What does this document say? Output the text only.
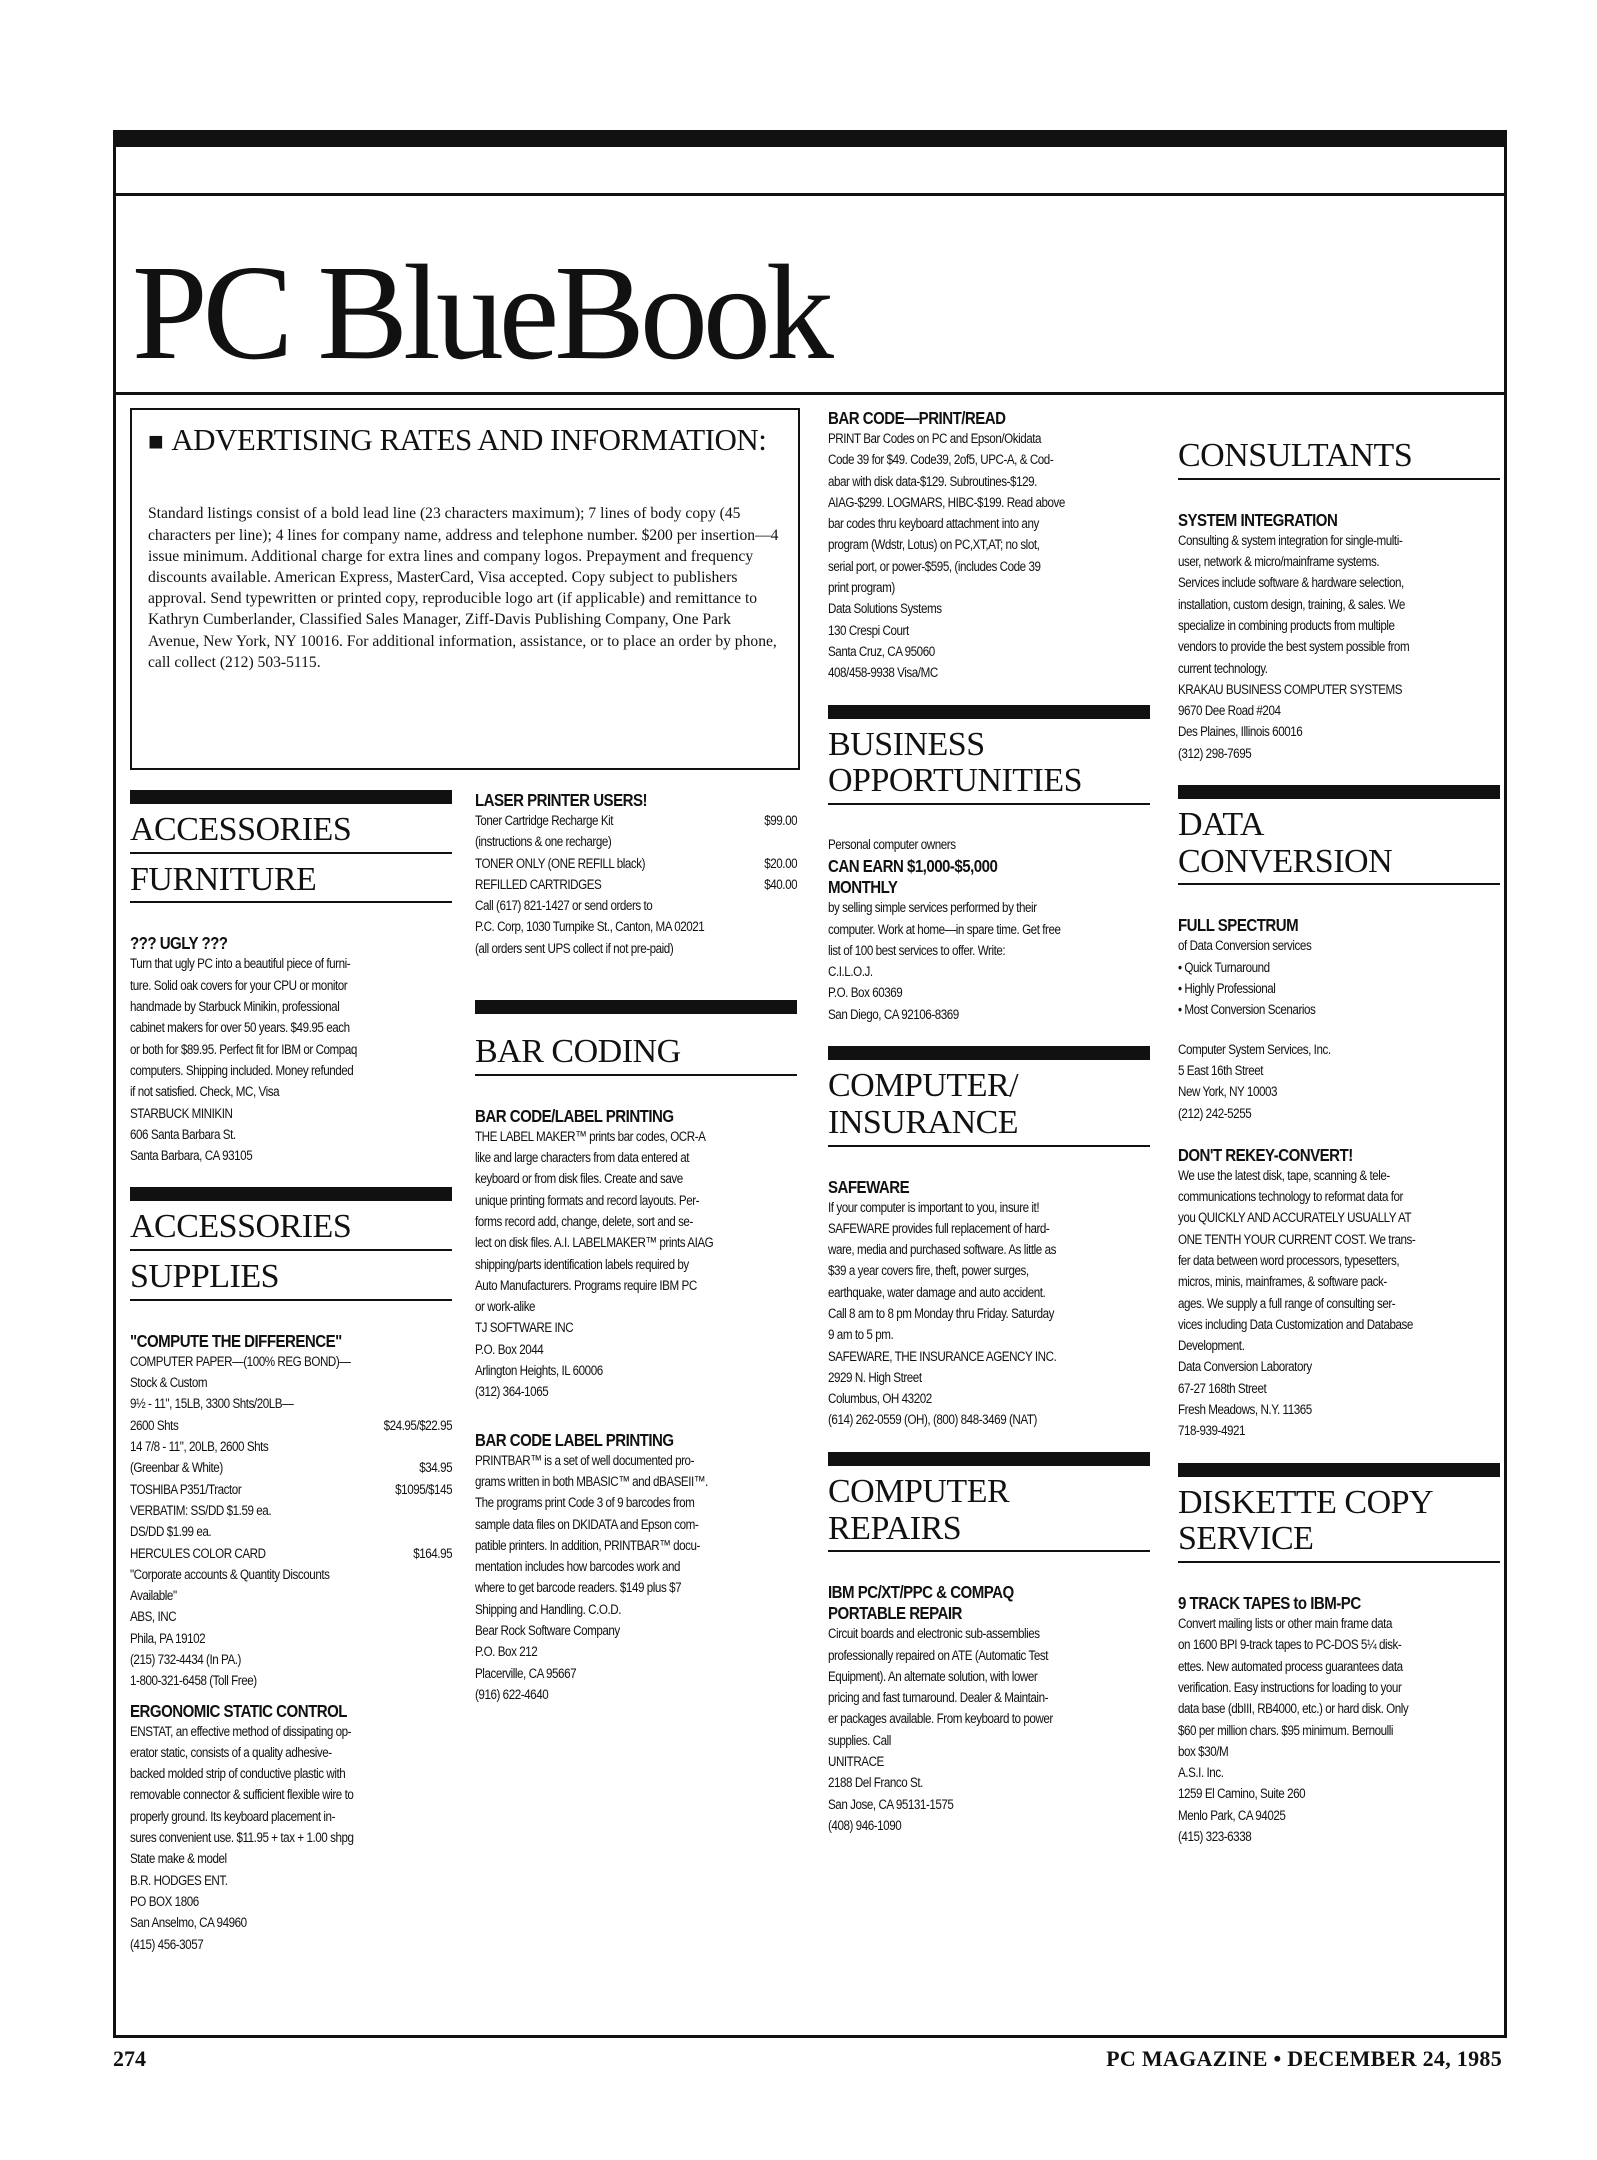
PC BlueBook
■ ADVERTISING RATES AND INFORMATION:

Standard listings consist of a bold lead line (23 characters maximum); 7 lines of body copy (45 characters per line); 4 lines for company name, address and telephone number. $200 per insertion—4 issue minimum. Additional charge for extra lines and company logos. Prepayment and frequency discounts available. American Express, MasterCard, Visa accepted. Copy subject to publishers approval. Send typewritten or printed copy, reproducible logo art (if applicable) and remittance to Kathryn Cumberlander, Classified Sales Manager, Ziff-Davis Publishing Company, One Park Avenue, New York, NY 10016. For additional information, assistance, or to place an order by phone, call collect (212) 503-5115.

ACCESSORIES
FURNITURE

??? UGLY ???

Turn that ugly PC into a beautiful piece of furni-
ture. Solid oak covers for your CPU or monitor
handmade by Starbuck Minikin, professional
cabinet makers for over 50 years. $49.95 each
or both for $89.95. Perfect fit for IBM or Compaq
computers. Shipping included. Money refunded
if not satisfied. Check, MC, Visa
STARBUCK MINIKIN
606 Santa Barbara St.
Santa Barbara, CA 93105
ACCESSORIES
SUPPLIES

"COMPUTE THE DIFFERENCE"

COMPUTER PAPER—(100% REG BOND)—
Stock & Custom
9½ - 11", 15LB, 3300 Shts/20LB—
2600 Shts	$24.95/$22.95
14 7/8 - 11", 20LB, 2600 Shts
(Greenbar & White)	$34.95
TOSHIBA P351/Tractor	$1095/$145
VERBATIM: SS/DD $1.59 ea.
DS/DD $1.99 ea.
HERCULES COLOR CARD	$164.95
"Corporate accounts & Quantity Discounts
Available"
ABS, INC
Phila, PA 19102
(215) 732-4434 (In PA.)
1-800-321-6458 (Toll Free)

ERGONOMIC STATIC CONTROL

ENSTAT, an effective method of dissipating op-
erator static, consists of a quality adhesive-
backed molded strip of conductive plastic with
removable connector & sufficient flexible wire to
properly ground. Its keyboard placement in-
sures convenient use. $11.95 + tax + 1.00 shpg
State make & model
B.R. HODGES ENT.
PO BOX 1806
San Anselmo, CA 94960
(415) 456-3057

LASER PRINTER USERS!

Toner Cartridge Recharge Kit	$99.00
(instructions & one recharge)
TONER ONLY (ONE REFILL black)	$20.00
REFILLED CARTRIDGES	$40.00
Call (617) 821-1427 or send orders to
P.C. Corp, 1030 Turnpike St., Canton, MA 02021
(all orders sent UPS collect if not pre-paid)
BAR CODING

BAR CODE/LABEL PRINTING

THE LABEL MAKER™ prints bar codes, OCR-A
like and large characters from data entered at
keyboard or from disk files. Create and save
unique printing formats and record layouts. Per-
forms record add, change, delete, sort and se-
lect on disk files. A.I. LABELMAKER™ prints AIAG
shipping/parts identification labels required by
Auto Manufacturers. Programs require IBM PC
or work-alike
TJ SOFTWARE INC
P.O. Box 2044
Arlington Heights, IL 60006
(312) 364-1065

BAR CODE LABEL PRINTING

PRINTBAR™ is a set of well documented pro-
grams written in both MBASIC™ and dBASEII™.
The programs print Code 3 of 9 barcodes from
sample data files on DKIDATA and Epson com-
patible printers. In addition, PRINTBAR™ docu-
mentation includes how barcodes work and
where to get barcode readers. $149 plus $7
Shipping and Handling. C.O.D.
Bear Rock Software Company
P.O. Box 212
Placerville, CA 95667
(916) 622-4640

BAR CODE—PRINT/READ

PRINT Bar Codes on PC and Epson/Okidata
Code 39 for $49. Code39, 2of5, UPC-A, & Cod-
abar with disk data-$129. Subroutines-$129.
AIAG-$299. LOGMARS, HIBC-$199. Read above
bar codes thru keyboard attachment into any
program (Wdstr, Lotus) on PC,XT,AT; no slot,
serial port, or power-$595, (includes Code 39
print program)
Data Solutions Systems
130 Crespi Court
Santa Cruz, CA 95060
408/458-9938 Visa/MC
BUSINESS
OPPORTUNITIES
Personal computer owners

CAN EARN $1,000-$5,000

MONTHLY

by selling simple services performed by their
computer. Work at home—in spare time. Get free
list of 100 best services to offer. Write:
C.I.L.O.J.
P.O. Box 60369
San Diego, CA 92106-8369
COMPUTER/
INSURANCE

SAFEWARE

If your computer is important to you, insure it!
SAFEWARE provides full replacement of hard-
ware, media and purchased software. As little as
$39 a year covers fire, theft, power surges,
earthquake, water damage and auto accident.
Call 8 am to 8 pm Monday thru Friday. Saturday
9 am to 5 pm.
SAFEWARE, THE INSURANCE AGENCY INC.
2929 N. High Street
Columbus, OH 43202
(614) 262-0559 (OH), (800) 848-3469 (NAT)
COMPUTER
REPAIRS

IBM PC/XT/PPC & COMPAQ

PORTABLE REPAIR

Circuit boards and electronic sub-assemblies
professionally repaired on ATE (Automatic Test
Equipment). An alternate solution, with lower
pricing and fast turnaround. Dealer & Maintain-
er packages available. From keyboard to power
supplies. Call
UNITRACE
2188 Del Franco St.
San Jose, CA 95131-1575
(408) 946-1090
CONSULTANTS

SYSTEM INTEGRATION

Consulting & system integration for single-multi-
user, network & micro/mainframe systems.
Services include software & hardware selection,
installation, custom design, training, & sales. We
specialize in combining products from multiple
vendors to provide the best system possible from
current technology.
KRAKAU BUSINESS COMPUTER SYSTEMS
9670 Dee Road #204
Des Plaines, Illinois 60016
(312) 298-7695
DATA
CONVERSION

FULL SPECTRUM

of Data Conversion services
• Quick Turnaround
• Highly Professional
• Most Conversion Scenarios
Computer System Services, Inc.
5 East 16th Street
New York, NY 10003
(212) 242-5255

DON'T REKEY-CONVERT!

We use the latest disk, tape, scanning & tele-
communications technology to reformat data for
you QUICKLY AND ACCURATELY USUALLY AT
ONE TENTH YOUR CURRENT COST. We trans-
fer data between word processors, typesetters,
micros, minis, mainframes, & software pack-
ages. We supply a full range of consulting ser-
vices including Data Customization and Database
Development.
Data Conversion Laboratory
67-27 168th Street
Fresh Meadows, N.Y. 11365
718-939-4921
DISKETTE COPY
SERVICE

9 TRACK TAPES to IBM-PC

Convert mailing lists or other main frame data
on 1600 BPI 9-track tapes to PC-DOS 5¼ disk-
ettes. New automated process guarantees data
verification. Easy instructions for loading to your
data base (dbIII, RB4000, etc.) or hard disk. Only
$60 per million chars. $95 minimum. Bernoulli
box $30/M
A.S.I. Inc.
1259 El Camino, Suite 260
Menlo Park, CA 94025
(415) 323-6338

274	PC MAGAZINE • DECEMBER 24, 1985
